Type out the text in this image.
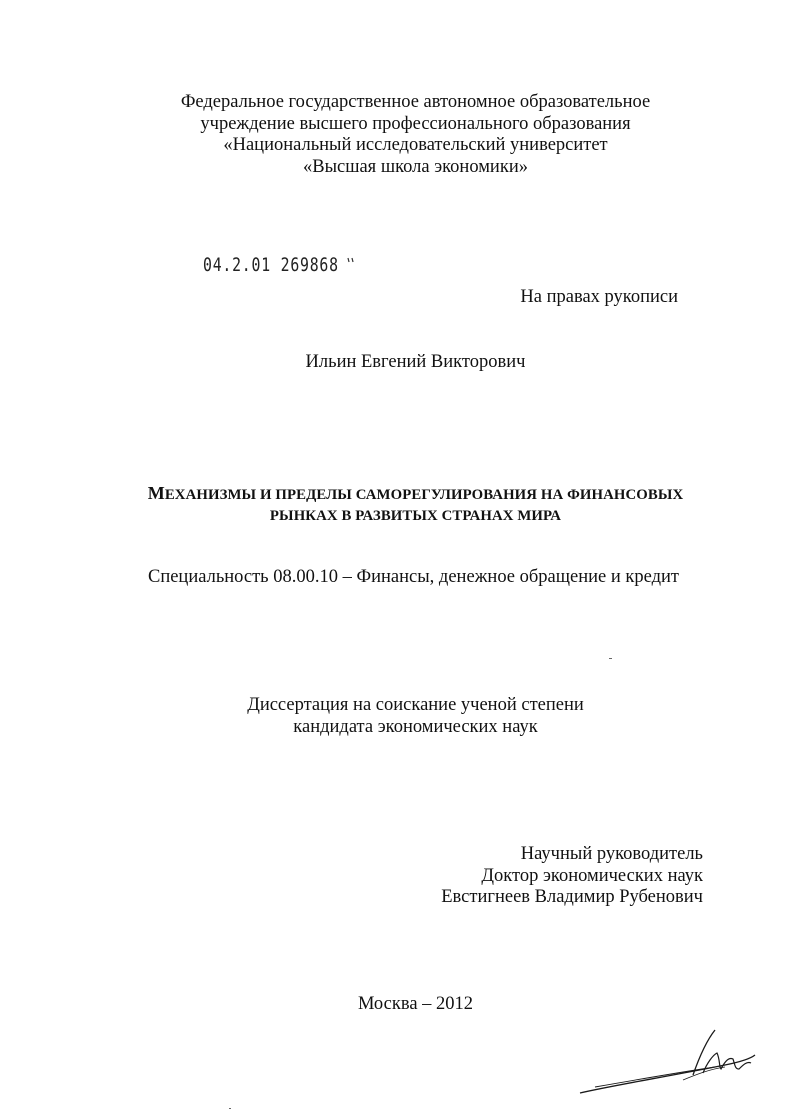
Федеральное государственное автономное образовательное
учреждение высшего профессионального образования
«Национальный исследовательский университет
«Высшая школа экономики»
04.2.01 269868
На правах рукописи
Ильин Евгений Викторович
МЕХАНИЗМЫ И ПРЕДЕЛЫ САМОРЕГУЛИРОВАНИЯ НА ФИНАНСОВЫХ
РЫНКАХ В РАЗВИТЫХ СТРАНАХ МИРА
Специальность 08.00.10 – Финансы, денежное обращение и кредит
Диссертация на соискание ученой степени
кандидата экономических наук
Научный руководитель
Доктор экономических наук
Евстигнеев Владимир Рубенович
Москва – 2012
